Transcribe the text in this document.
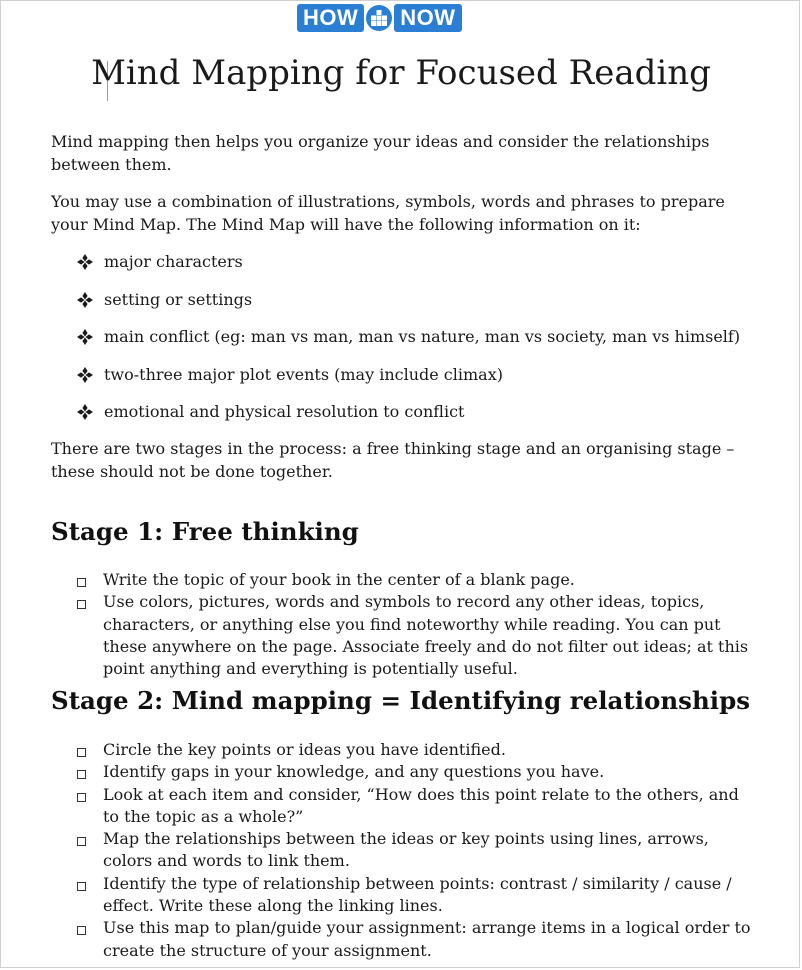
HOW NOW
Mind Mapping for Focused Reading

Mind mapping then helps you organize your ideas and consider the relationships between them.

You may use a combination of illustrations, symbols, words and phrases to prepare your Mind Map. The Mind Map will have the following information on it:

major characters
setting or settings
main conflict (eg: man vs man, man vs nature, man vs society, man vs himself)
two-three major plot events (may include climax)
emotional and physical resolution to conflict

There are two stages in the process: a free thinking stage and an organising stage – these should not be done together.

Stage 1: Free thinking
Write the topic of your book in the center of a blank page.
Use colors, pictures, words and symbols to record any other ideas, topics, characters, or anything else you find noteworthy while reading. You can put these anywhere on the page. Associate freely and do not filter out ideas; at this point anything and everything is potentially useful.
Stage 2: Mind mapping = Identifying relationships
Circle the key points or ideas you have identified.
Identify gaps in your knowledge, and any questions you have.
Look at each item and consider, “How does this point relate to the others, and to the topic as a whole?”
Map the relationships between the ideas or key points using lines, arrows, colors and words to link them.
Identify the type of relationship between points: contrast / similarity / cause / effect. Write these along the linking lines.
Use this map to plan/guide your assignment: arrange items in a logical order to create the structure of your assignment.
